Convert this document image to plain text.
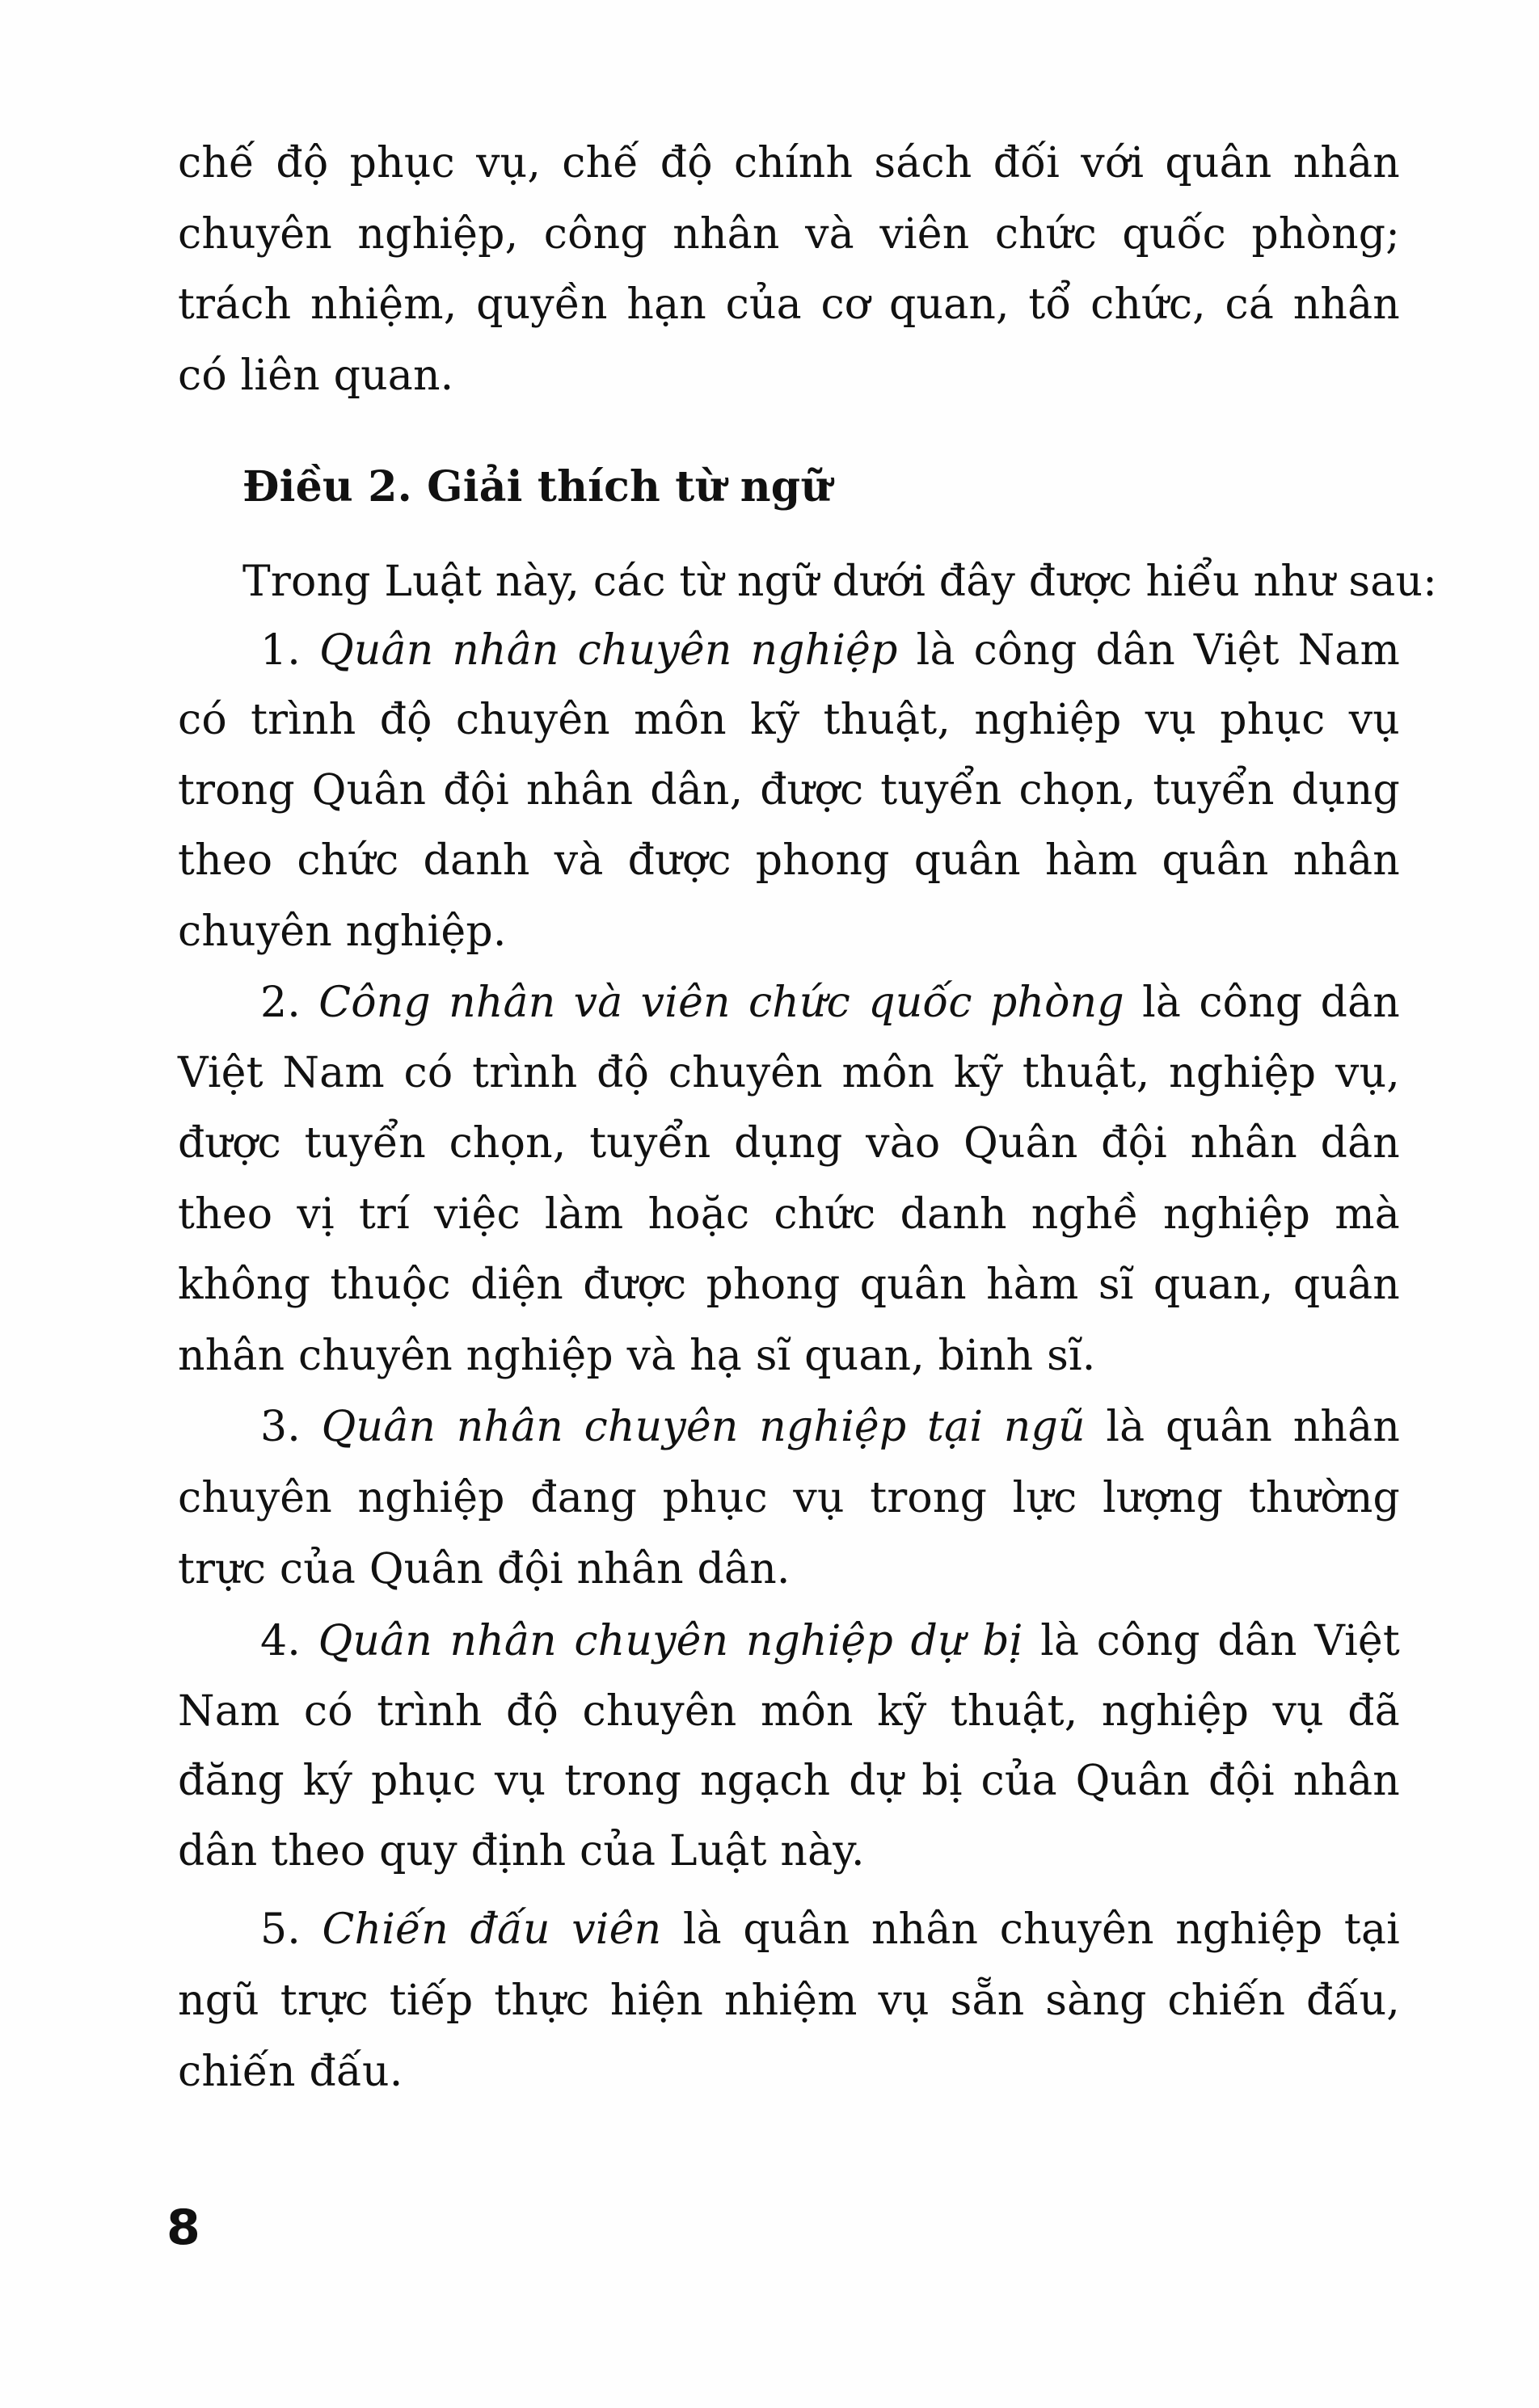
chế độ phục vụ, chế độ chính sách đối với quân nhân
chuyên nghiệp, công nhân và viên chức quốc phòng;
trách nhiệm, quyền hạn của cơ quan, tổ chức, cá nhân
có liên quan.
Điều 2. Giải thích từ ngữ
Trong Luật này, các từ ngữ dưới đây được hiểu như sau:
1. Quân nhân chuyên nghiệp là công dân Việt Nam
có trình độ chuyên môn kỹ thuật, nghiệp vụ phục vụ
trong Quân đội nhân dân, được tuyển chọn, tuyển dụng
theo chức danh và được phong quân hàm quân nhân
chuyên nghiệp.
2. Công nhân và viên chức quốc phòng là công dân
Việt Nam có trình độ chuyên môn kỹ thuật, nghiệp vụ,
được tuyển chọn, tuyển dụng vào Quân đội nhân dân
theo vị trí việc làm hoặc chức danh nghề nghiệp mà
không thuộc diện được phong quân hàm sĩ quan, quân
nhân chuyên nghiệp và hạ sĩ quan, binh sĩ.
3. Quân nhân chuyên nghiệp tại ngũ là quân nhân
chuyên nghiệp đang phục vụ trong lực lượng thường
trực của Quân đội nhân dân.
4. Quân nhân chuyên nghiệp dự bị là công dân Việt
Nam có trình độ chuyên môn kỹ thuật, nghiệp vụ đã
đăng ký phục vụ trong ngạch dự bị của Quân đội nhân
dân theo quy định của Luật này.
5. Chiến đấu viên là quân nhân chuyên nghiệp tại
ngũ trực tiếp thực hiện nhiệm vụ sẵn sàng chiến đấu,
chiến đấu.
8
